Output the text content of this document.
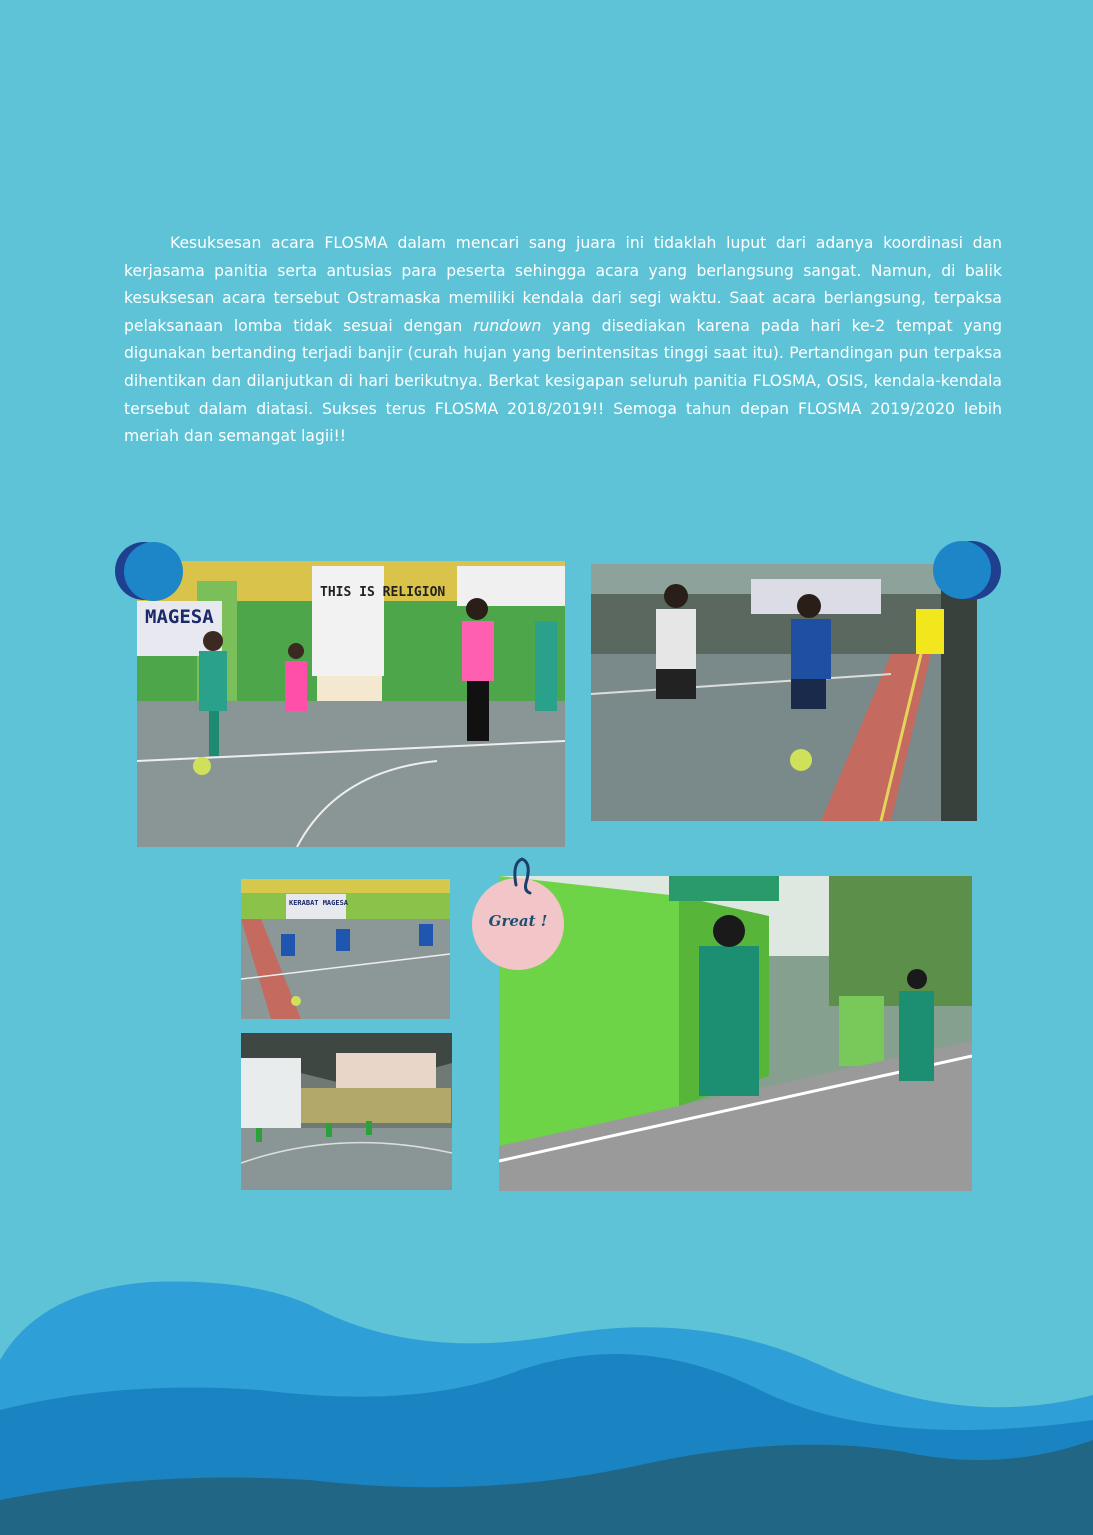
Kesuksesan acara FLOSMA dalam mencari sang juara ini tidaklah luput dari adanya koordinasi dan kerjasama panitia serta antusias para peserta sehingga acara yang berlangsung sangat. Namun, di balik kesuksesan acara tersebut Ostramaska memiliki kendala dari segi waktu. Saat acara berlangsung, terpaksa pelaksanaan lomba tidak sesuai dengan rundown yang disediakan karena pada hari ke-2 tempat yang digunakan bertanding terjadi banjir (curah hujan yang berintensitas tinggi saat itu). Pertandingan pun terpaksa dihentikan dan dilanjutkan di hari berikutnya. Berkat kesigapan seluruh panitia FLOSMA, OSIS, kendala-kendala tersebut dalam diatasi. Sukses terus FLOSMA 2018/2019!! Semoga tahun depan FLOSMA 2019/2020 lebih meriah dan semangat lagii!!

MAGESA
THIS IS RELIGION
KERABAT MAGESA
Great !
